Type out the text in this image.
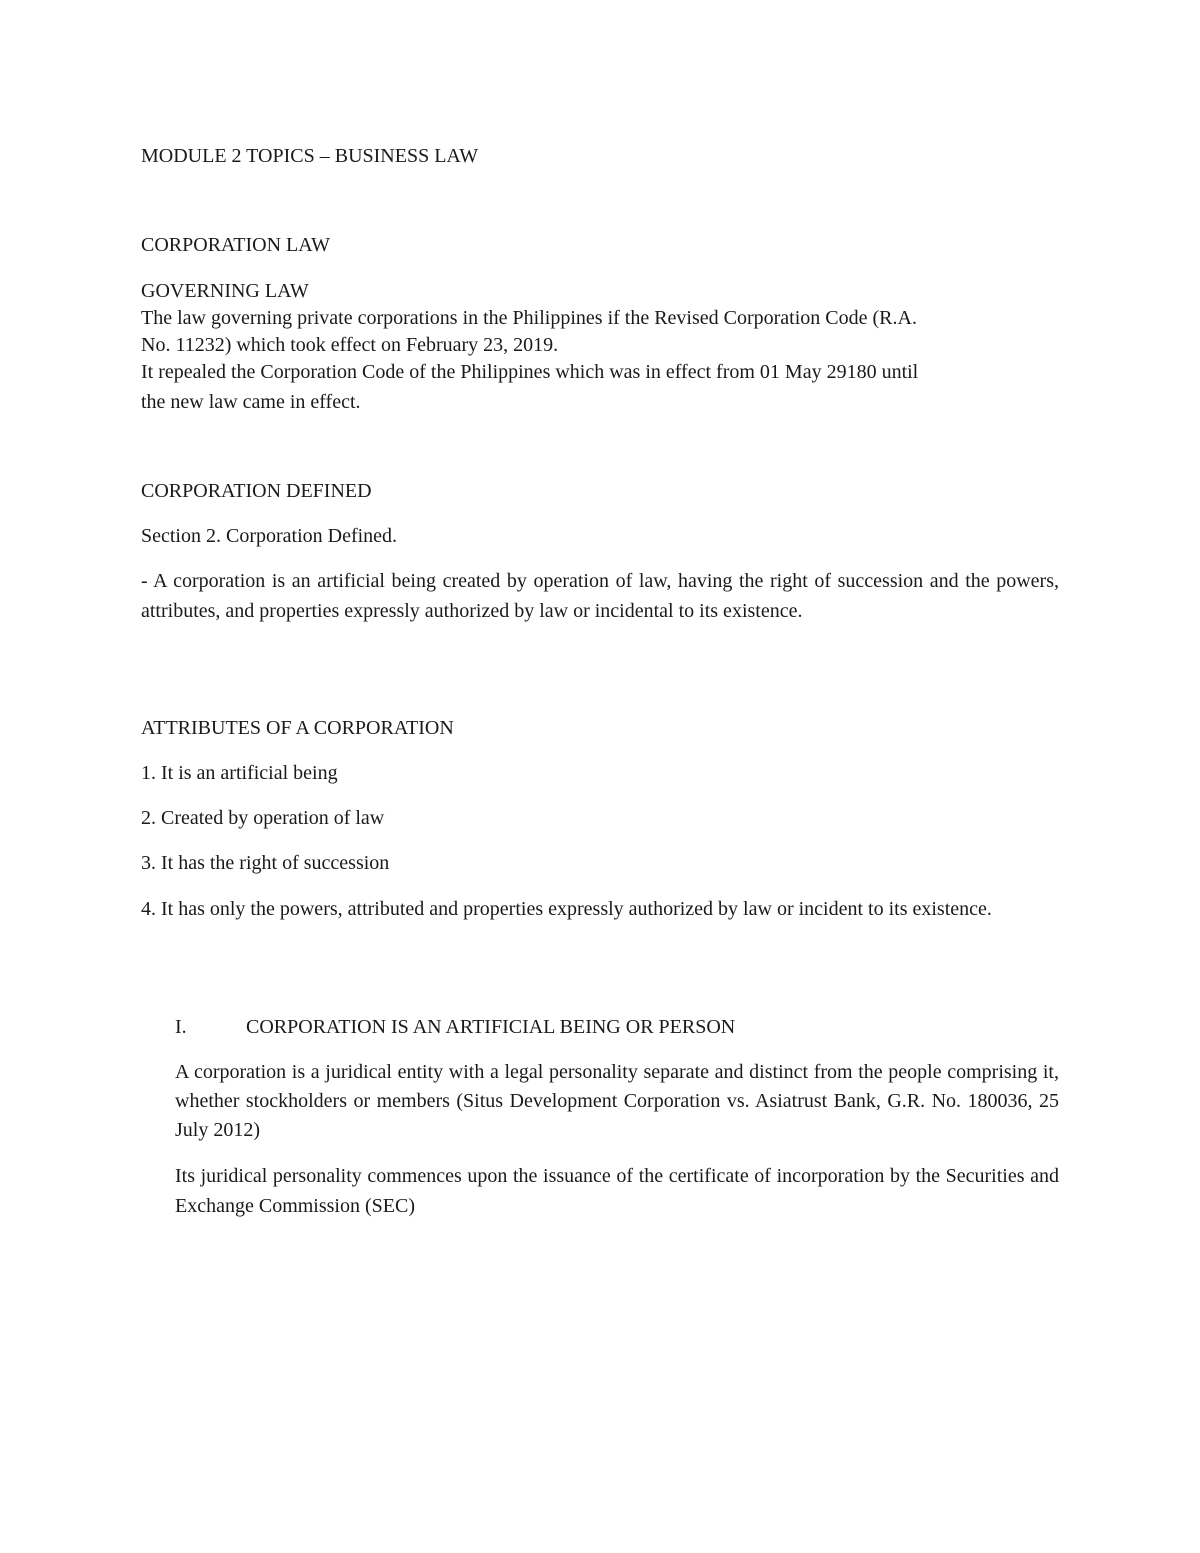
MODULE 2 TOPICS – BUSINESS LAW

CORPORATION LAW

GOVERNING LAW

The law governing private corporations in the Philippines if the Revised Corporation Code (R.A.

No. 11232) which took effect on February 23, 2019.

It repealed the Corporation Code of the Philippines which was in effect from 01 May 29180 until

the new law came in effect.

CORPORATION DEFINED

Section 2. Corporation Defined.

- A corporation is an artificial being created by operation of law, having the right of succession and the powers, attributes, and properties expressly authorized by law or incidental to its existence.

ATTRIBUTES OF A CORPORATION

1. It is an artificial being

2. Created by operation of law

3. It has the right of succession

4. It has only the powers, attributed and properties expressly authorized by law or incident to its existence.

I.	CORPORATION IS AN ARTIFICIAL BEING OR PERSON

A corporation is a juridical entity with a legal personality separate and distinct from the people comprising it, whether stockholders or members (Situs Development Corporation vs. Asiatrust Bank, G.R. No. 180036, 25 July 2012)

Its juridical personality commences upon the issuance of the certificate of incorporation by the Securities and Exchange Commission (SEC)
